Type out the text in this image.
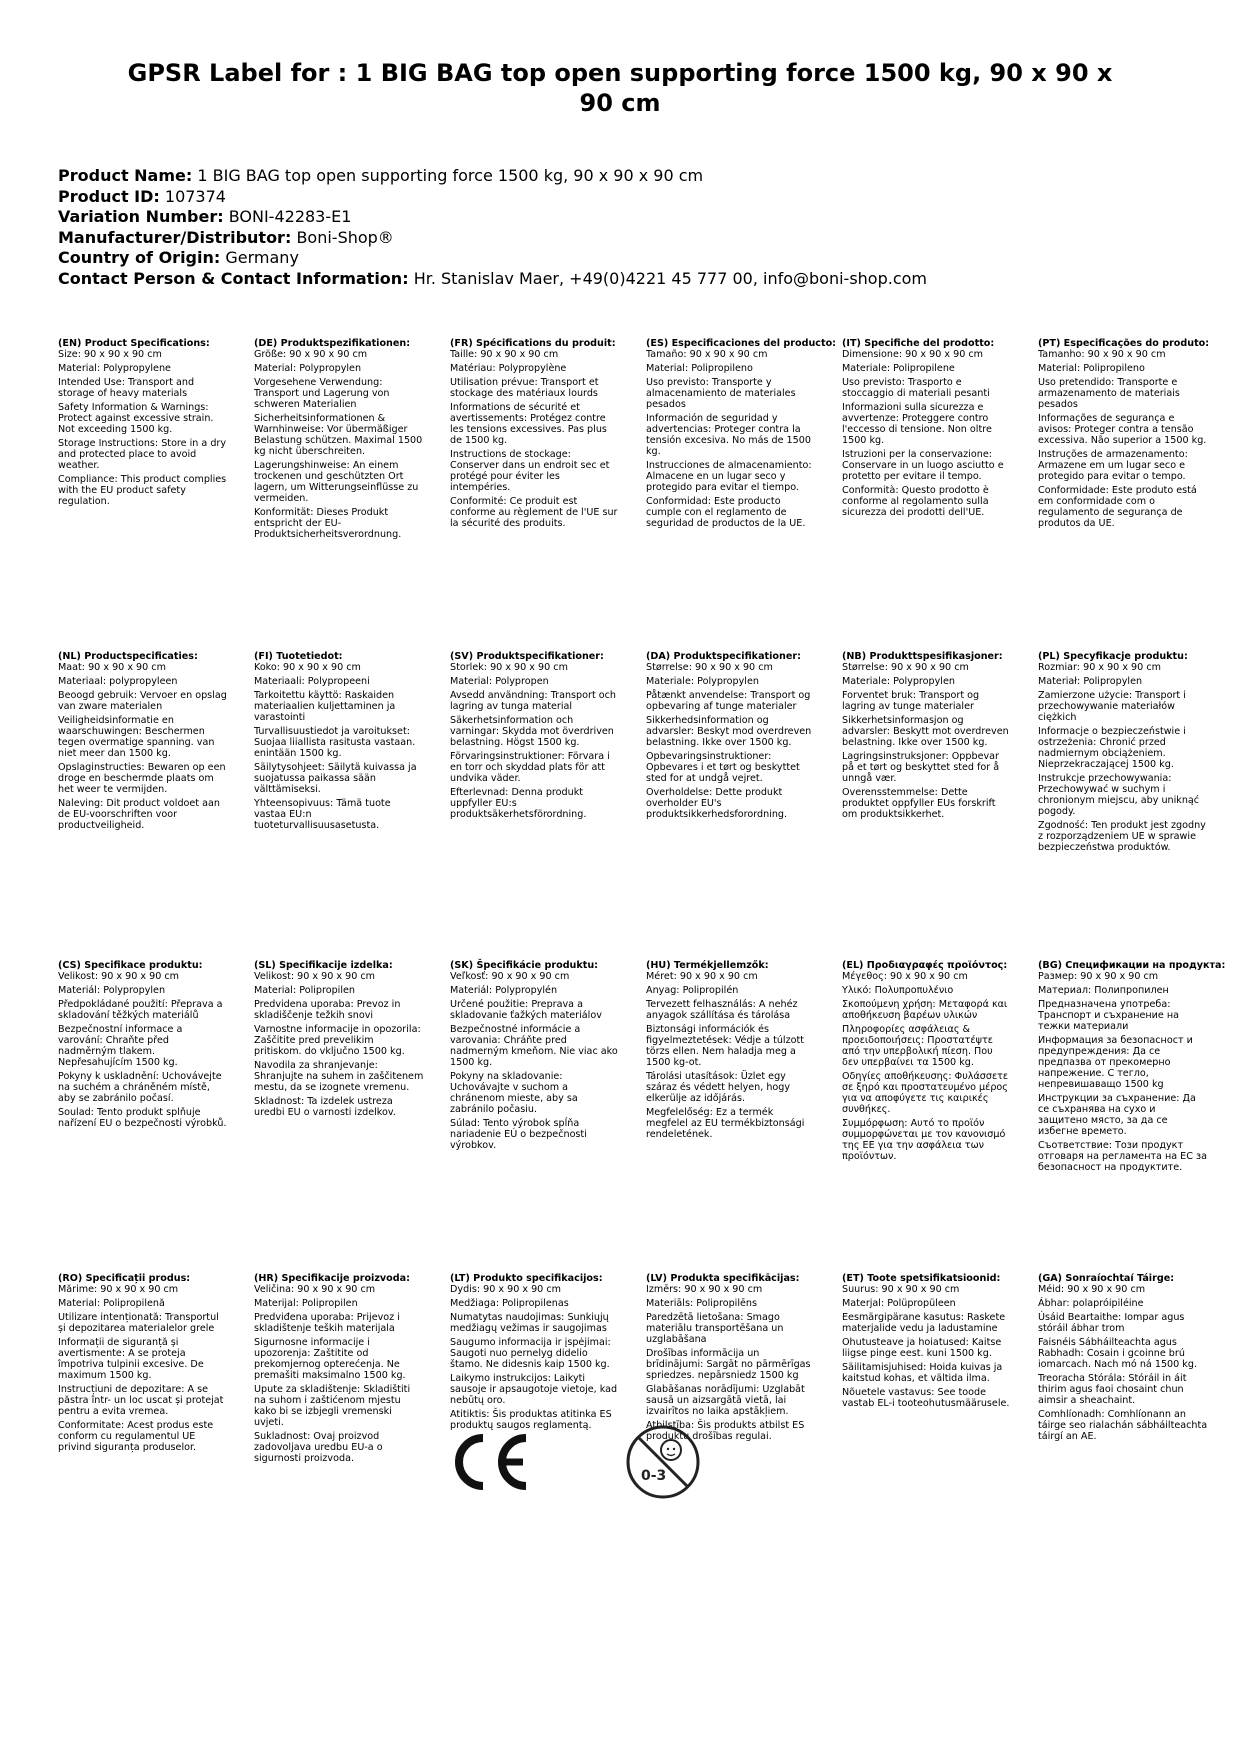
GPSR Label for : 1 BIG BAG top open supporting force 1500 kg, 90 x 90 x 90 cm
Product Name: 1 BIG BAG top open supporting force 1500 kg, 90 x 90 x 90 cm
Product ID: 107374
Variation Number: BONI-42283-E1
Manufacturer/Distributor: Boni-Shop®
Country of Origin: Germany
Contact Person & Contact Information: Hr. Stanislav Maer, +49(0)4221 45 777 00, info@boni-shop.com
(EN) Product Specifications:

Size: 90 x 90 x 90 cm

Material: Polypropylene

Intended Use: Transport and storage of heavy materials

Safety Information & Warnings: Protect against excessive strain. Not exceeding 1500 kg.

Storage Instructions: Store in a dry and protected place to avoid weather.

Compliance: This product complies with the EU product safety regulation.

(DE) Produktspezifikationen:

Größe: 90 x 90 x 90 cm

Material: Polypropylen

Vorgesehene Verwendung: Transport und Lagerung von schweren Materialien

Sicherheitsinformationen & Warnhinweise: Vor übermäßiger Belastung schützen. Maximal 1500 kg nicht überschreiten.

Lagerungshinweise: An einem trockenen und geschützten Ort lagern, um Witterungseinflüsse zu vermeiden.

Konformität: Dieses Produkt entspricht der EU-Produktsicherheitsverordnung.

(FR) Spécifications du produit:

Taille: 90 x 90 x 90 cm

Matériau: Polypropylène

Utilisation prévue: Transport et stockage des matériaux lourds

Informations de sécurité et avertissements: Protégez contre les tensions excessives. Pas plus de 1500 kg.

Instructions de stockage: Conserver dans un endroit sec et protégé pour éviter les intempéries.

Conformité: Ce produit est conforme au règlement de l'UE sur la sécurité des produits.

(ES) Especificaciones del producto:

Tamaño: 90 x 90 x 90 cm

Material: Polipropileno

Uso previsto: Transporte y almacenamiento de materiales pesados

Información de seguridad y advertencias: Proteger contra la tensión excesiva. No más de 1500 kg.

Instrucciones de almacenamiento: Almacene en un lugar seco y protegido para evitar el tiempo.

Conformidad: Este producto cumple con el reglamento de seguridad de productos de la UE.

(IT) Specifiche del prodotto:

Dimensione: 90 x 90 x 90 cm

Materiale: Polipropilene

Uso previsto: Trasporto e stoccaggio di materiali pesanti

Informazioni sulla sicurezza e avvertenze: Proteggere contro l'eccesso di tensione. Non oltre 1500 kg.

Istruzioni per la conservazione: Conservare in un luogo asciutto e protetto per evitare il tempo.

Conformità: Questo prodotto è conforme al regolamento sulla sicurezza dei prodotti dell'UE.

(PT) Especificações do produto:

Tamanho: 90 x 90 x 90 cm

Material: Polipropileno

Uso pretendido: Transporte e armazenamento de materiais pesados

Informações de segurança e avisos: Proteger contra a tensão excessiva. Não superior a 1500 kg.

Instruções de armazenamento: Armazene em um lugar seco e protegido para evitar o tempo.

Conformidade: Este produto está em conformidade com o regulamento de segurança de produtos da UE.

(NL) Productspecificaties:

Maat: 90 x 90 x 90 cm

Materiaal: polypropyleen

Beoogd gebruik: Vervoer en opslag van zware materialen

Veiligheidsinformatie en waarschuwingen: Beschermen tegen overmatige spanning. van niet meer dan 1500 kg.

Opslaginstructies: Bewaren op een droge en beschermde plaats om het weer te vermijden.

Naleving: Dit product voldoet aan de EU-voorschriften voor productveiligheid.

(FI) Tuotetiedot:

Koko: 90 x 90 x 90 cm

Materiaali: Polypropeeni

Tarkoitettu käyttö: Raskaiden materiaalien kuljettaminen ja varastointi

Turvallisuustiedot ja varoitukset: Suojaa liiallista rasitusta vastaan. enintään 1500 kg.

Säilytysohjeet: Säilytä kuivassa ja suojatussa paikassa sään välttämiseksi.

Yhteensopivuus: Tämä tuote vastaa EU:n tuoteturvallisuusasetusta.

(SV) Produktspecifikationer:

Storlek: 90 x 90 x 90 cm

Material: Polypropen

Avsedd användning: Transport och lagring av tunga material

Säkerhetsinformation och varningar: Skydda mot överdriven belastning. Högst 1500 kg.

Förvaringsinstruktioner: Förvara i en torr och skyddad plats för att undvika väder.

Efterlevnad: Denna produkt uppfyller EU:s produktsäkerhetsförordning.

(DA) Produktspecifikationer:

Størrelse: 90 x 90 x 90 cm

Materiale: Polypropylen

Påtænkt anvendelse: Transport og opbevaring af tunge materialer

Sikkerhedsinformation og advarsler: Beskyt mod overdreven belastning. Ikke over 1500 kg.

Opbevaringsinstruktioner: Opbevares i et tørt og beskyttet sted for at undgå vejret.

Overholdelse: Dette produkt overholder EU's produktsikkerhedsforordning.

(NB) Produkttspesifikasjoner:

Størrelse: 90 x 90 x 90 cm

Materiale: Polypropylen

Forventet bruk: Transport og lagring av tunge materialer

Sikkerhetsinformasjon og advarsler: Beskytt mot overdreven belastning. Ikke over 1500 kg.

Lagringsinstruksjoner: Oppbevar på et tørt og beskyttet sted for å unngå vær.

Overensstemmelse: Dette produktet oppfyller EUs forskrift om produktsikkerhet.

(PL) Specyfikacje produktu:

Rozmiar: 90 x 90 x 90 cm

Materiał: Polipropylen

Zamierzone użycie: Transport i przechowywanie materiałów ciężkich

Informacje o bezpieczeństwie i ostrzeżenia: Chronić przed nadmiernym obciążeniem. Nieprzekraczającej 1500 kg.

Instrukcje przechowywania: Przechowywać w suchym i chronionym miejscu, aby uniknąć pogody.

Zgodność: Ten produkt jest zgodny z rozporządzeniem UE w sprawie bezpieczeństwa produktów.

(CS) Specifikace produktu:

Velikost: 90 x 90 x 90 cm

Materiál: Polypropylen

Předpokládané použití: Přeprava a skladování těžkých materiálů

Bezpečnostní informace a varování: Chraňte před nadměrným tlakem. Nepřesahujícím 1500 kg.

Pokyny k uskladnění: Uchovávejte na suchém a chráněném místě, aby se zabránilo počasí.

Soulad: Tento produkt splňuje nařízení EU o bezpečnosti výrobků.

(SL) Specifikacije izdelka:

Velikost: 90 x 90 x 90 cm

Material: Polipropilen

Predvidena uporaba: Prevoz in skladiščenje težkih snovi

Varnostne informacije in opozorila: Zaščitite pred prevelikim pritiskom. do vključno 1500 kg.

Navodila za shranjevanje: Shranjujte na suhem in zaščitenem mestu, da se izognete vremenu.

Skladnost: Ta izdelek ustreza uredbi EU o varnosti izdelkov.

(SK) Špecifikácie produktu:

Veľkosť: 90 x 90 x 90 cm

Materiál: Polypropylén

Určené použitie: Preprava a skladovanie ťažkých materiálov

Bezpečnostné informácie a varovania: Chráňte pred nadmerným kmeňom. Nie viac ako 1500 kg.

Pokyny na skladovanie: Uchovávajte v suchom a chránenom mieste, aby sa zabránilo počasiu.

Súlad: Tento výrobok spĺňa nariadenie EÚ o bezpečnosti výrobkov.

(HU) Termékjellemzők:

Méret: 90 x 90 x 90 cm

Anyag: Polipropilén

Tervezett felhasználás: A nehéz anyagok szállítása és tárolása

Biztonsági információk és figyelmeztetések: Védje a túlzott törzs ellen. Nem haladja meg a 1500 kg-ot.

Tárolási utasítások: Üzlet egy száraz és védett helyen, hogy elkerülje az időjárás.

Megfelelőség: Ez a termék megfelel az EU termékbiztonsági rendeletének.

(EL) Προδιαγραφές προϊόντος:

Μέγεθος: 90 x 90 x 90 cm

Υλικό: Πολυπροπυλένιο

Σκοπούμενη χρήση: Μεταφορά και αποθήκευση βαρέων υλικών

Πληροφορίες ασφάλειας & προειδοποιήσεις: Προστατέψτε από την υπερβολική πίεση. Που δεν υπερβαίνει τα 1500 kg.

Οδηγίες αποθήκευσης: Φυλάσσετε σε ξηρό και προστατευμένο μέρος για να αποφύγετε τις καιρικές συνθήκες.

Συμμόρφωση: Αυτό το προϊόν συμμορφώνεται με τον κανονισμό της ΕΕ για την ασφάλεια των προϊόντων.

(BG) Спецификации на продукта:

Размер: 90 x 90 x 90 cm

Материал: Полипропилен

Предназначена употреба: Транспорт и съхранение на тежки материали

Информация за безопасност и предупреждения: Да се предпазва от прекомерно напрежение. С тегло, непревишаващо 1500 kg

Инструкции за съхранение: Да се съхранява на сухо и защитено място, за да се избегне времето.

Съответствие: Този продукт отговаря на регламента на ЕС за безопасност на продуктите.

(RO) Specificații produs:

Mărime: 90 x 90 x 90 cm

Material: Polipropilenă

Utilizare intenționată: Transportul și depozitarea materialelor grele

Informații de siguranță și avertismente: A se proteja împotriva tulpinii excesive. De maximum 1500 kg.

Instrucțiuni de depozitare: A se păstra într- un loc uscat și protejat pentru a evita vremea.

Conformitate: Acest produs este conform cu regulamentul UE privind siguranța produselor.

(HR) Specifikacije proizvoda:

Veličina: 90 x 90 x 90 cm

Materijal: Polipropilen

Predviđena uporaba: Prijevoz i skladištenje teških materijala

Sigurnosne informacije i upozorenja: Zaštitite od prekomjernog opterećenja. Ne premašiti maksimalno 1500 kg.

Upute za skladištenje: Skladištiti na suhom i zaštićenom mjestu kako bi se izbjegli vremenski uvjeti.

Sukladnost: Ovaj proizvod zadovoljava uredbu EU-a o sigurnosti proizvoda.

(LT) Produkto specifikacijos:

Dydis: 90 x 90 x 90 cm

Medžiaga: Polipropilenas

Numatytas naudojimas: Sunkiųjų medžiagų vežimas ir saugojimas

Saugumo informacija ir įspėjimai: Saugoti nuo pernelyg didelio štamo. Ne didesnis kaip 1500 kg.

Laikymo instrukcijos: Laikyti sausoje ir apsaugotoje vietoje, kad nebūtų oro.

Atitiktis: Šis produktas atitinka ES produktų saugos reglamentą.

(LV) Produkta specifikācijas:

Izmērs: 90 x 90 x 90 cm

Materiāls: Polipropilēns

Paredzētā lietošana: Smago materiālu transportēšana un uzglabāšana

Drošības informācija un brīdinājumi: Sargāt no pārmērīgas spriedzes. nepārsniedz 1500 kg

Glabāšanas norādījumi: Uzglabāt sausā un aizsargātā vietā, lai izvairītos no laika apstākļiem.

Atbilstība: Šis produkts atbilst ES produktu drošības regulai.

(ET) Toote spetsifikatsioonid:

Suurus: 90 x 90 x 90 cm

Materjal: Polüpropüleen

Eesmärgipärane kasutus: Raskete materjalide vedu ja ladustamine

Ohutusteave ja hoiatused: Kaitse liigse pinge eest. kuni 1500 kg.

Säilitamisjuhised: Hoida kuivas ja kaitstud kohas, et vältida ilma.

Nõuetele vastavus: See toode vastab EL-i tooteohutusmäärusele.

(GA) Sonraíochtaí Táirge:

Méid: 90 x 90 x 90 cm

Ábhar: polapróipiléine

Úsáid Beartaithe: Iompar agus stóráil ábhar trom

Faisnéis Sábháilteachta agus Rabhadh: Cosain i gcoinne brú iomarcach. Nach mó ná 1500 kg.

Treoracha Stórála: Stóráil in áit thirim agus faoi chosaint chun aimsir a sheachaint.

Comhlíonadh: Comhlíonann an táirge seo rialachán sábháilteachta táirgí an AE.

0-3
